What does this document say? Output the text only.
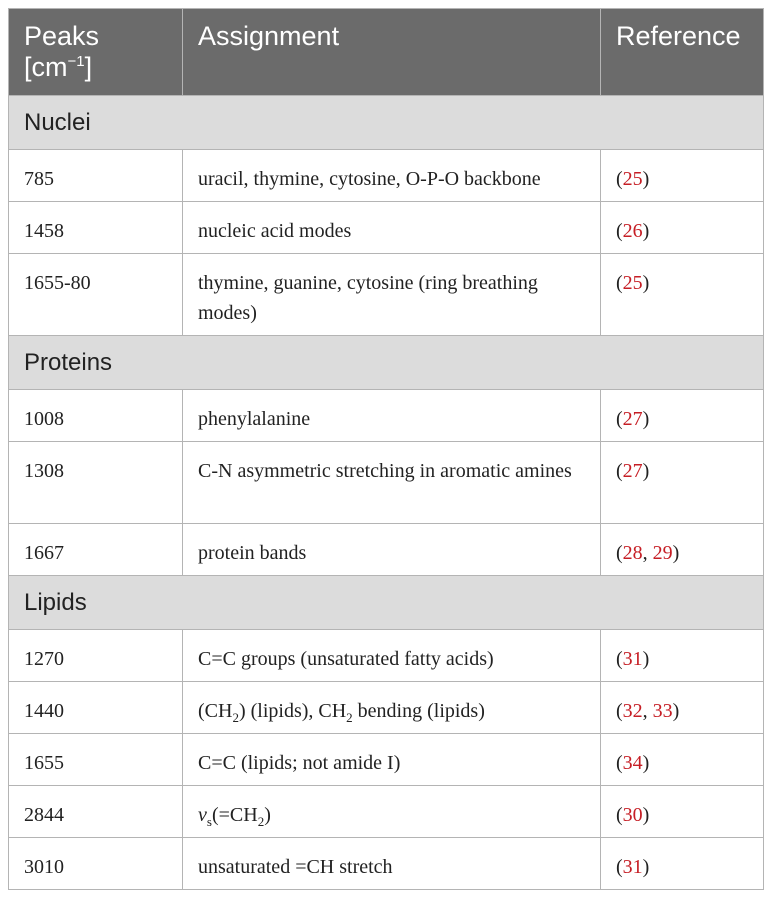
Peaks
$[cm^{-1}]$	Assignment	Reference
Nuclei		
785	uracil, thymine, cytosine, O-P-O backbone	(25)
1458	nucleic acid modes	(26)
1655-80	thymine, guanine, cytosine (ring breathing modes)	(25)
Proteins		
1008	phenylalanine	(27)
1308	C-N asymmetric stretching in aromatic amines	(27)
1667	protein bands	(28, 29)
Lipids		
1270	C=C groups (unsaturated fatty acids)	(31)
1440	$(CH_2)$ (lipids), $CH_2$ bending (lipids)	(32, 33)
1655	C=C (lipids; not amide I)	(34)
2844	$\nu_s(=CH_2)$	(30)
3010	unsaturated =CH stretch	(31)
